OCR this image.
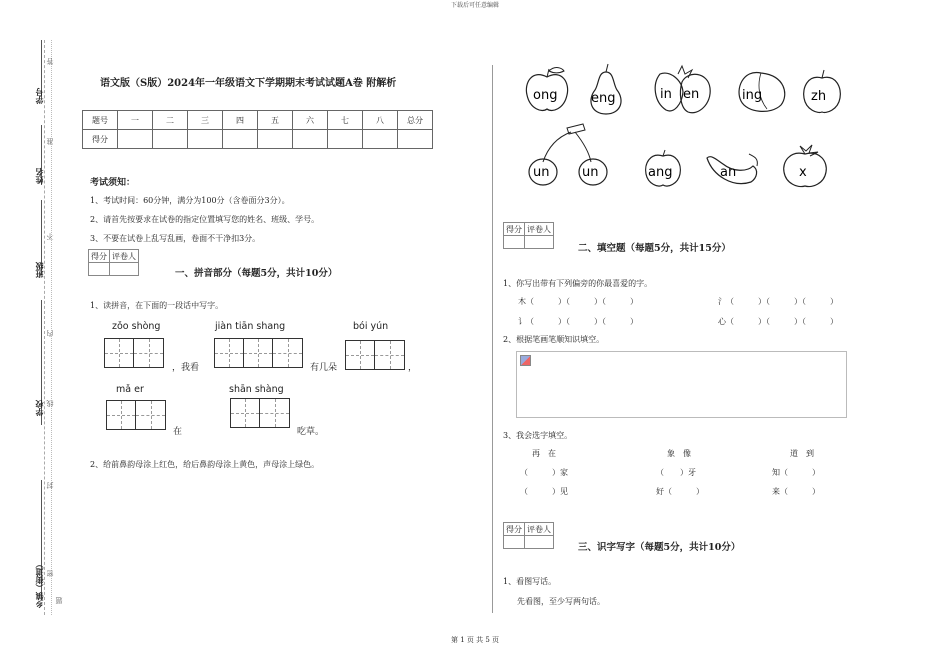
下载后可任意编辑
第 1 页 共 5 页
学号
姓名
班级
学校
乡镇（街道）
答
准
不
内
线
封
密
题
语文版（S版）2024年一年级语文下学期期末考试试题A卷 附解析
题号	一	二	三	四	五	六	七	八	总分
得分									
考试须知：
1、考试时间：60分钟，满分为100分（含卷面分3分）。
2、请首先按要求在试卷的指定位置填写您的姓名、班级、学号。
3、不要在试卷上乱写乱画，卷面不干净扣3分。
得分	评卷人

一、拼音部分（每题5分，共计10分）
1、读拼音，在下面的一段话中写字。
zǒo shòng	jiàn tiān shang	bói yún
，我看	有几朵	，
mǎ er	shān shàng
在	吃草。
2、给前鼻韵母涂上红色，给后鼻韵母涂上黄色，声母涂上绿色。
ong	eng	in en	ing	zh
un	un	ang	an	x
得分	评卷人

二、填空题（每题5分，共计15分）
1、你写出带有下列偏旁的你最喜爱的字。
木（　　　）（　　　）（　　　）	氵（　　　）（　　　）（　　　）
讠（　　　）（　　　）（　　　）	心（　　　）（　　　）（　　　）
2、根据笔画笔顺知识填空。
3、我会选字填空。
再　在	象　像	道　到
（　　　）家	（　　）牙	知（　　　）
（　　　）见	好（　　　）	来（　　　）
得分	评卷人

三、识字写字（每题5分，共计10分）
1、看图写话。
先看图，至少写两句话。
